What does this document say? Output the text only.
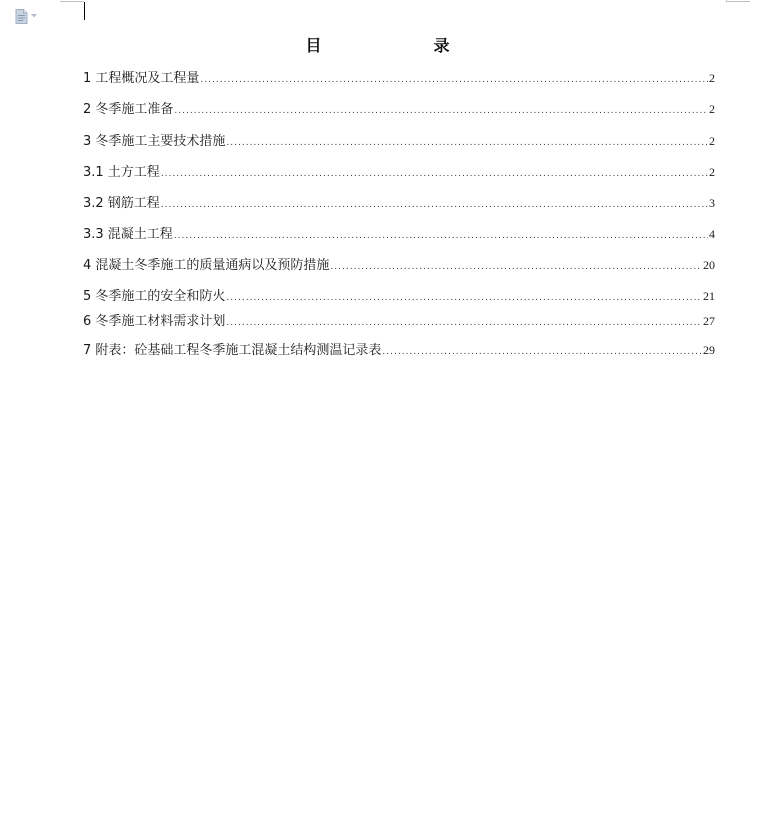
目　录
1 工程概况及工程量 .....	2
2 冬季施工准备 .....	2
3 冬季施工主要技术措施 .....	2
3.1 土方工程 .....	2
3.2 钢筋工程 .....	3
3.3 混凝土工程 .....	4
4 混凝土冬季施工的质量通病以及预防措施 .....	20
5 冬季施工的安全和防火 .....	21
6 冬季施工材料需求计划 .....	27
7 附表：砼基础工程冬季施工混凝土结构测温记录表 .....	29
